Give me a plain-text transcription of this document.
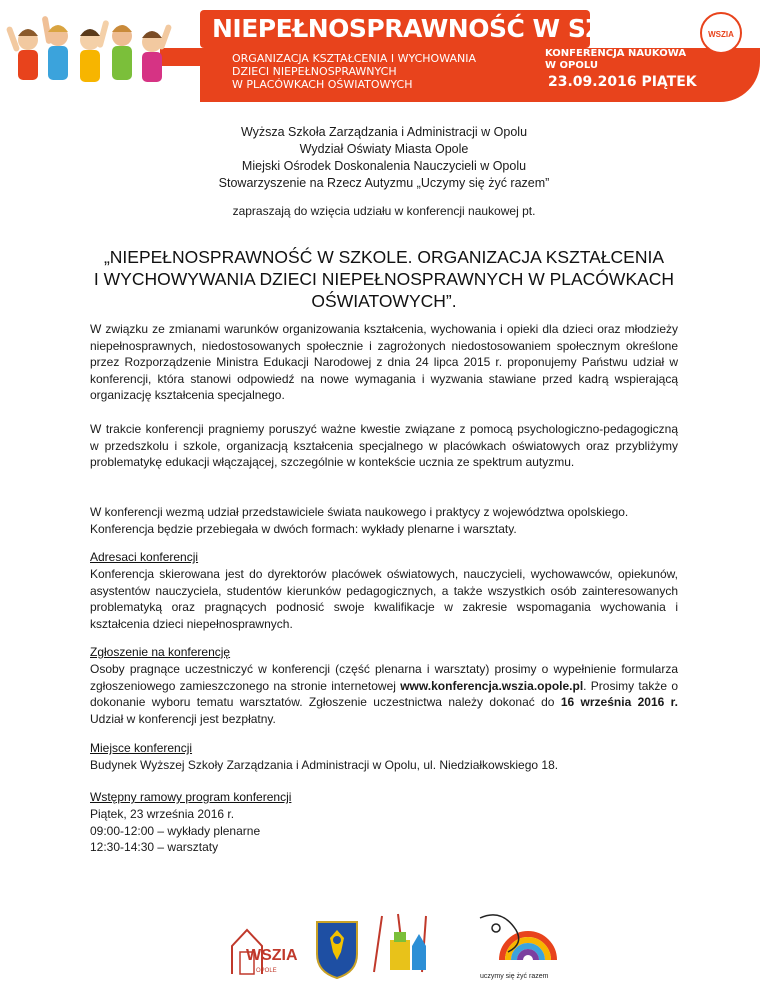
NIEPEŁNOSPRAWNOŚĆ W SZKOLE
ORGANIZACJA KSZTAŁCENIA I WYCHOWANIA
DZIECI NIEPEŁNOSPRAWNYCH
W PLACÓWKACH OŚWIATOWYCH
KONFERENCJA NAUKOWA
W OPOLU
23.09.2016 PIĄTEK
WSZIA
Wyższa Szkoła Zarządzania i Administracji w Opolu
Wydział Oświaty Miasta Opole
Miejski Ośrodek Doskonalenia Nauczycieli w Opolu
Stowarzyszenie na Rzecz Autyzmu „Uczymy się żyć razem”
zapraszają do wzięcia udziału w konferencji naukowej pt.
„NIEPEŁNOSPRAWNOŚĆ W SZKOLE. ORGANIZACJA KSZTAŁCENIA
I WYCHOWYWANIA DZIECI NIEPEŁNOSPRAWNYCH W PLACÓWKACH
OŚWIATOWYCH”.
W związku ze zmianami warunków organizowania kształcenia, wychowania i opieki dla dzieci oraz młodzieży niepełnosprawnych, niedostosowanych społecznie i zagrożonych niedostosowaniem społecznym określone przez Rozporządzenie Ministra Edukacji Narodowej z dnia 24 lipca 2015 r. proponujemy Państwu udział w konferencji, która stanowi odpowiedź na nowe wymagania i wyzwania stawiane przed kadrą wspierającą organizację kształcenia specjalnego.
W trakcie konferencji pragniemy poruszyć ważne kwestie związane z pomocą psychologiczno-pedagogiczną w przedszkolu i szkole, organizacją kształcenia specjalnego w placówkach oświatowych oraz przybliżymy problematykę edukacji włączającej, szczególnie w kontekście ucznia ze spektrum autyzmu.
W konferencji wezmą udział przedstawiciele świata naukowego i praktycy z województwa opolskiego.
Konferencja będzie przebiegała w dwóch formach: wykłady plenarne i warsztaty.
Adresaci konferencji
Konferencja skierowana jest do dyrektorów placówek oświatowych, nauczycieli, wychowawców, opiekunów, asystentów nauczyciela, studentów kierunków pedagogicznych, a także wszystkich osób zainteresowanych problematyką oraz pragnących podnosić swoje kwalifikacje w zakresie wspomagania wychowania i kształcenia dzieci niepełnosprawnych.
Zgłoszenie na konferencję
Osoby pragnące uczestniczyć w konferencji (część plenarna i warsztaty) prosimy o wypełnienie formularza zgłoszeniowego zamieszczonego na stronie internetowej www.konferencja.wszia.opole.pl. Prosimy także o dokonanie wyboru tematu warsztatów. Zgłoszenie uczestnictwa należy dokonać do 16 września 2016 r. Udział w konferencji jest bezpłatny.
Miejsce konferencji
Budynek Wyższej Szkoły Zarządzania i Administracji w Opolu, ul. Niedziałkowskiego 18.
Wstępny ramowy program konferencji
Piątek, 23 września 2016 r.
09:00-12:00 – wykłady plenarne
12:30-14:30 – warsztaty
WSZIA
OPOLE
uczymy się żyć razem
